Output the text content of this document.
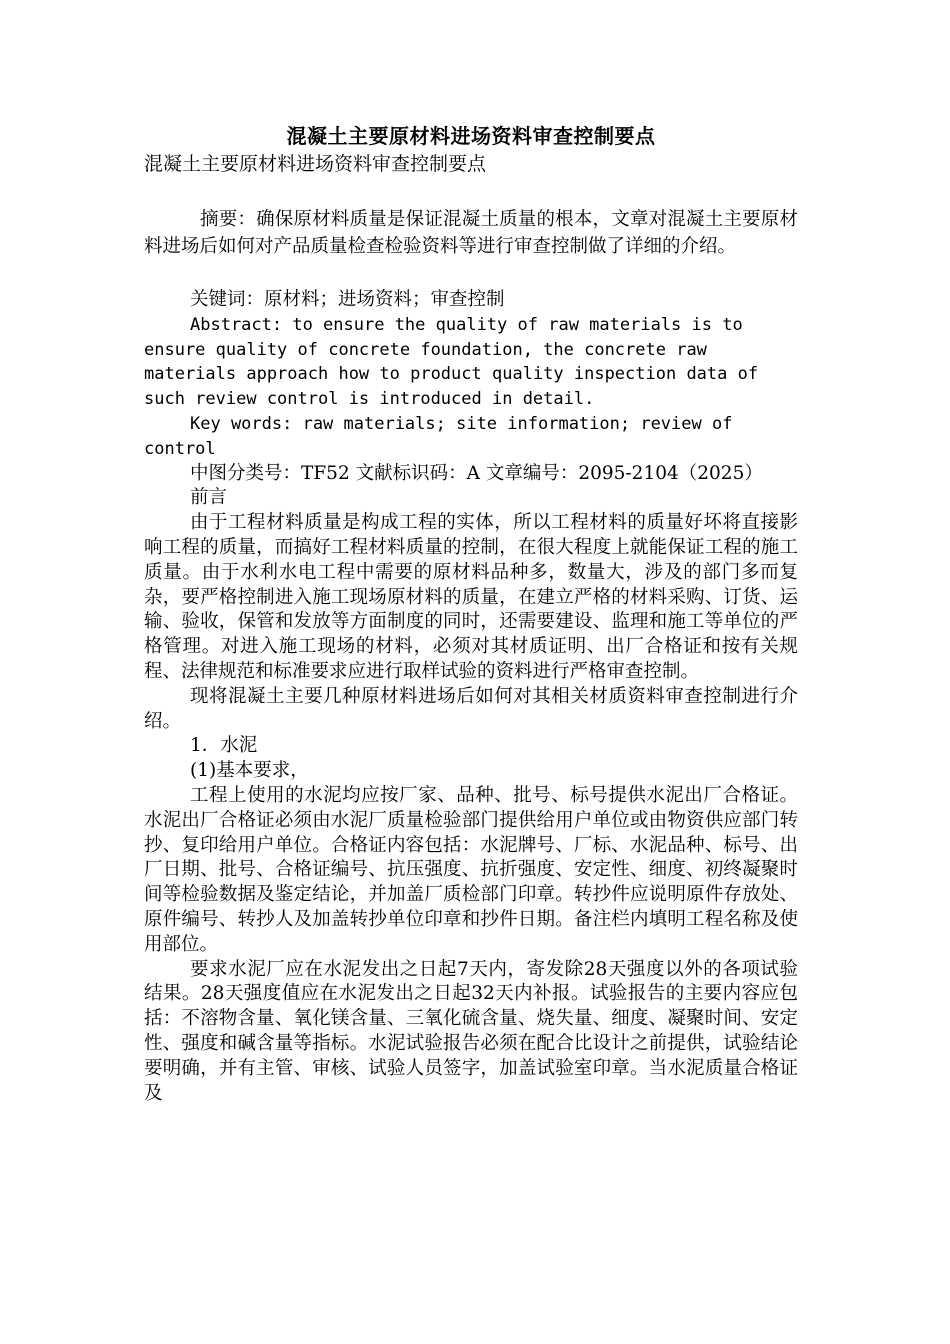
混凝土主要原材料进场资料审查控制要点

混凝土主要原材料进场资料审查控制要点

摘要：确保原材料质量是保证混凝土质量的根本，文章对混凝土主要原材料进场后如何对产品质量检查检验资料等进行审查控制做了详细的介绍。

关键词：原材料；进场资料；审查控制

Abstract: to ensure the quality of raw materials is to ensure quality of concrete foundation, the concrete raw materials approach how to product quality inspection data of such review control is introduced in detail.

Key words: raw materials; site information; review of control

中图分类号：TF52 文献标识码：A 文章编号：2095-2104（2025）

前言

由于工程材料质量是构成工程的实体，所以工程材料的质量好坏将直接影响工程的质量，而搞好工程材料质量的控制，在很大程度上就能保证工程的施工质量。由于水利水电工程中需要的原材料品种多，数量大，涉及的部门多而复杂，要严格控制进入施工现场原材料的质量，在建立严格的材料采购、订货、运输、验收，保管和发放等方面制度的同时，还需要建设、监理和施工等单位的严格管理。对进入施工现场的材料，必须对其材质证明、出厂合格证和按有关规程、法律规范和标准要求应进行取样试验的资料进行严格审查控制。

现将混凝土主要几种原材料进场后如何对其相关材质资料审查控制进行介绍。

1．水泥

(1)基本要求，

工程上使用的水泥均应按厂家、品种、批号、标号提供水泥出厂合格证。水泥出厂合格证必须由水泥厂质量检验部门提供给用户单位或由物资供应部门转抄、复印给用户单位。合格证内容包括：水泥牌号、厂标、水泥品种、标号、出厂日期、批号、合格证编号、抗压强度、抗折强度、安定性、细度、初终凝聚时间等检验数据及鉴定结论，并加盖厂质检部门印章。转抄件应说明原件存放处、原件编号、转抄人及加盖转抄单位印章和抄件日期。备注栏内填明工程名称及使用部位。

要求水泥厂应在水泥发出之日起7天内，寄发除28天强度以外的各项试验结果。28天强度值应在水泥发出之日起32天内补报。试验报告的主要内容应包括：不溶物含量、氧化镁含量、三氧化硫含量、烧失量、细度、凝聚时间、安定性、强度和碱含量等指标。水泥试验报告必须在配合比设计之前提供，试验结论要明确，并有主管、审核、试验人员签字，加盖试验室印章。当水泥质量合格证及
